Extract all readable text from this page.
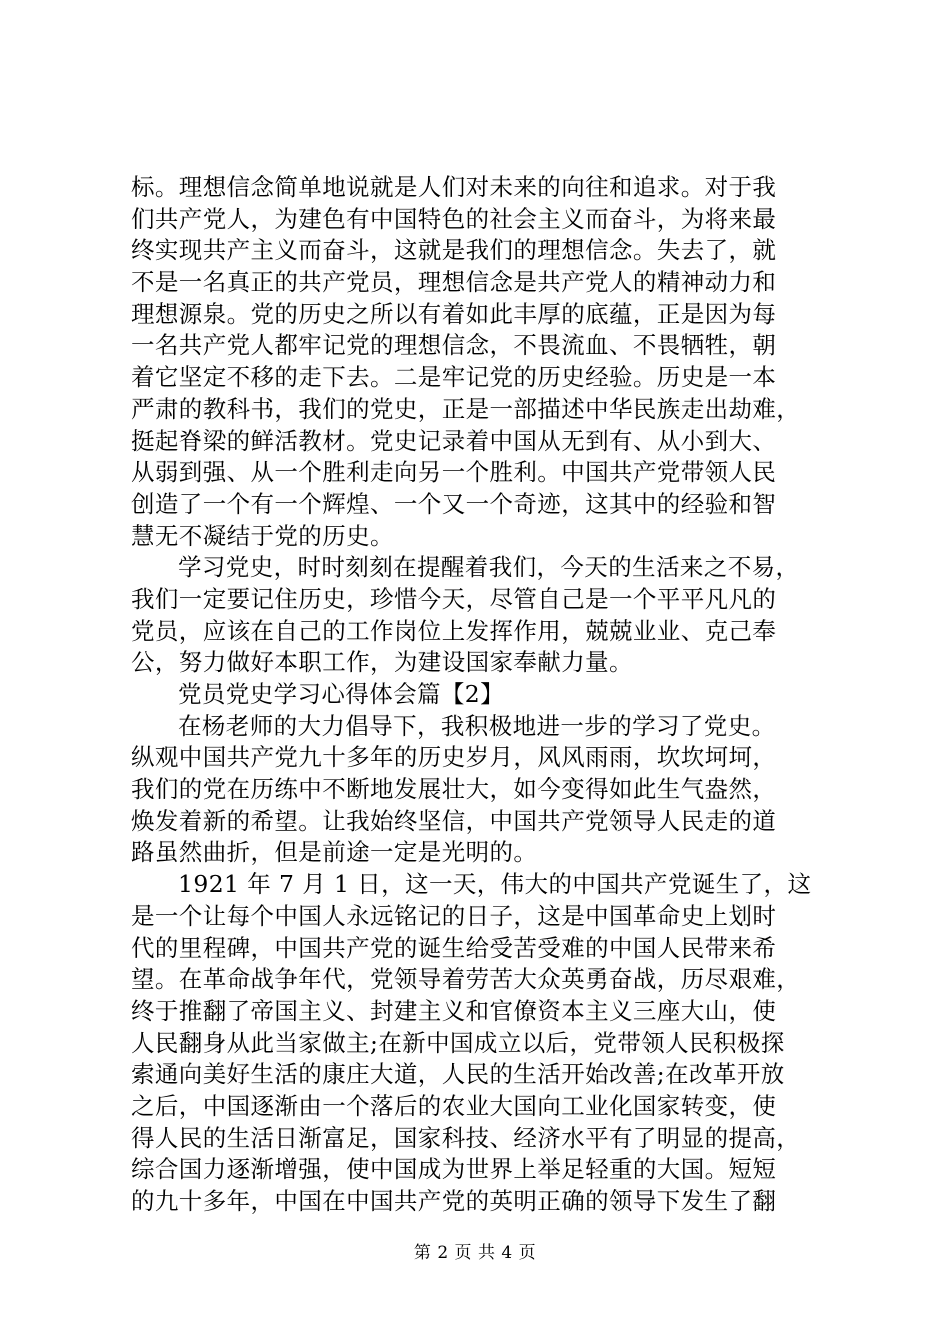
标。理想信念简单地说就是人们对未来的向往和追求。对于我
们共产党人，为建色有中国特色的社会主义而奋斗，为将来最
终实现共产主义而奋斗，这就是我们的理想信念。失去了，就
不是一名真正的共产党员，理想信念是共产党人的精神动力和
理想源泉。党的历史之所以有着如此丰厚的底蕴，正是因为每
一名共产党人都牢记党的理想信念，不畏流血、不畏牺牲，朝
着它坚定不移的走下去。二是牢记党的历史经验。历史是一本
严肃的教科书，我们的党史，正是一部描述中华民族走出劫难，
挺起脊梁的鲜活教材。党史记录着中国从无到有、从小到大、
从弱到强、从一个胜利走向另一个胜利。中国共产党带领人民
创造了一个有一个辉煌、一个又一个奇迹，这其中的经验和智
慧无不凝结于党的历史。
学习党史，时时刻刻在提醒着我们，今天的生活来之不易，
我们一定要记住历史，珍惜今天，尽管自己是一个平平凡凡的
党员，应该在自己的工作岗位上发挥作用，兢兢业业、克己奉
公，努力做好本职工作，为建设国家奉献力量。
党员党史学习心得体会篇【2】
在杨老师的大力倡导下，我积极地进一步的学习了党史。
纵观中国共产党九十多年的历史岁月，风风雨雨，坎坎坷坷，
我们的党在历练中不断地发展壮大，如今变得如此生气盎然，
焕发着新的希望。让我始终坚信，中国共产党领导人民走的道
路虽然曲折，但是前途一定是光明的。
1921 年 7 月 1 日，这一天，伟大的中国共产党诞生了，这
是一个让每个中国人永远铭记的日子，这是中国革命史上划时
代的里程碑，中国共产党的诞生给受苦受难的中国人民带来希
望。在革命战争年代，党领导着劳苦大众英勇奋战，历尽艰难，
终于推翻了帝国主义、封建主义和官僚资本主义三座大山，使
人民翻身从此当家做主;在新中国成立以后，党带领人民积极探
索通向美好生活的康庄大道，人民的生活开始改善;在改革开放
之后，中国逐渐由一个落后的农业大国向工业化国家转变，使
得人民的生活日渐富足，国家科技、经济水平有了明显的提高，
综合国力逐渐增强，使中国成为世界上举足轻重的大国。短短
的九十多年，中国在中国共产党的英明正确的领导下发生了翻
第 2 页 共 4 页
